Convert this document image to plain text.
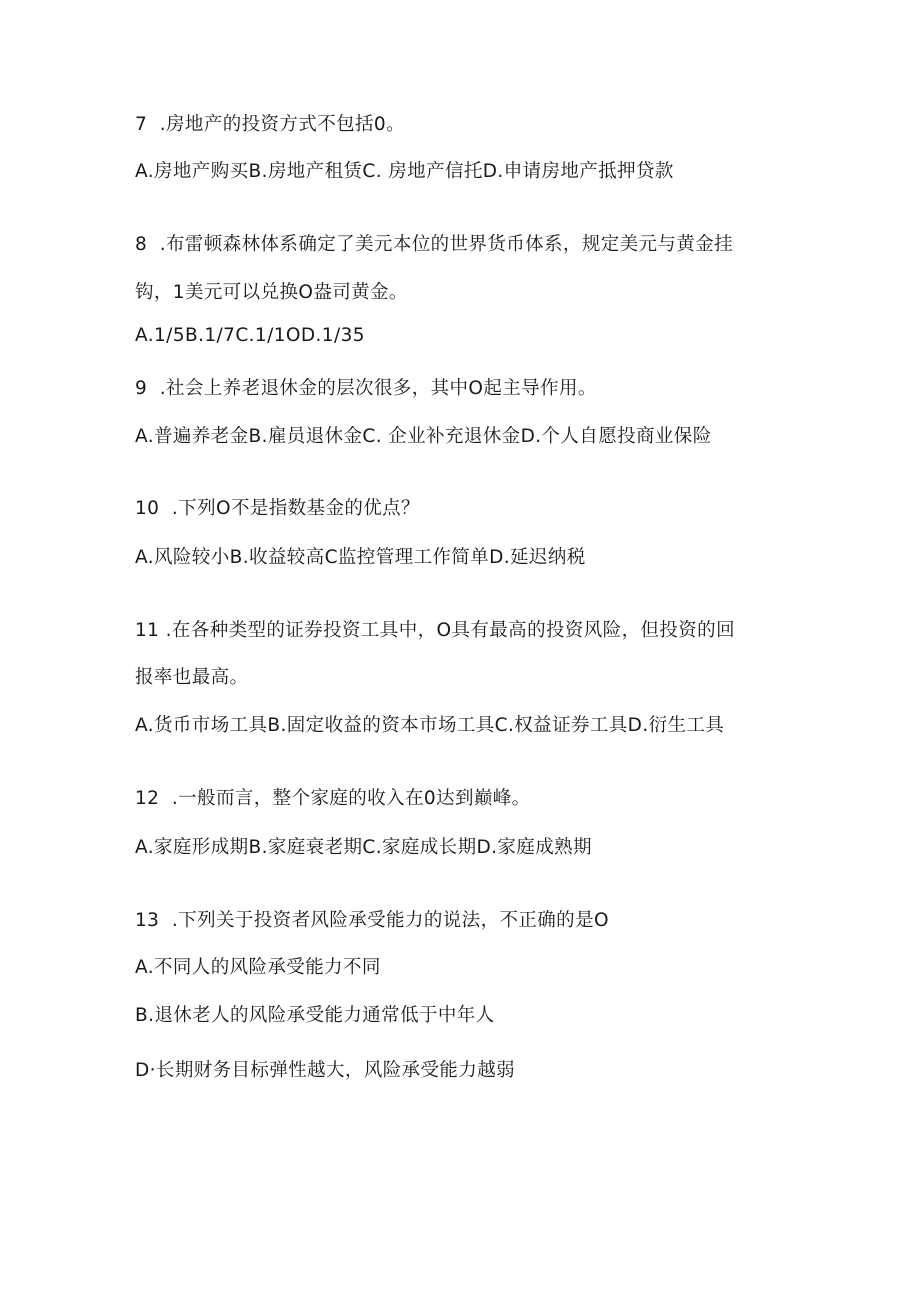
7  .房地产的投资方式不包括0。
A.房地产购买B.房地产租赁C. 房地产信托D.申请房地产抵押贷款
8  .布雷顿森林体系确定了美元本位的世界货币体系，规定美元与黄金挂
钩，1美元可以兑换O盎司黄金。
A.1/5B.1/7C.1/1OD.1/35
9  .社会上养老退休金的层次很多，其中O起主导作用。
A.普遍养老金B.雇员退休金C. 企业补充退休金D.个人自愿投商业保险
10  .下列O不是指数基金的优点？
A.风险较小B.收益较高C监控管理工作简单D.延迟纳税
11 .在各种类型的证券投资工具中，O具有最高的投资风险，但投资的回
报率也最高。
A.货币市场工具B.固定收益的资本市场工具C.权益证券工具D.衍生工具
12  .一般而言，整个家庭的收入在0达到巅峰。
A.家庭形成期B.家庭衰老期C.家庭成长期D.家庭成熟期
13  .下列关于投资者风险承受能力的说法，不正确的是O
A.不同人的风险承受能力不同
B.退休老人的风险承受能力通常低于中年人
D·长期财务目标弹性越大，风险承受能力越弱
